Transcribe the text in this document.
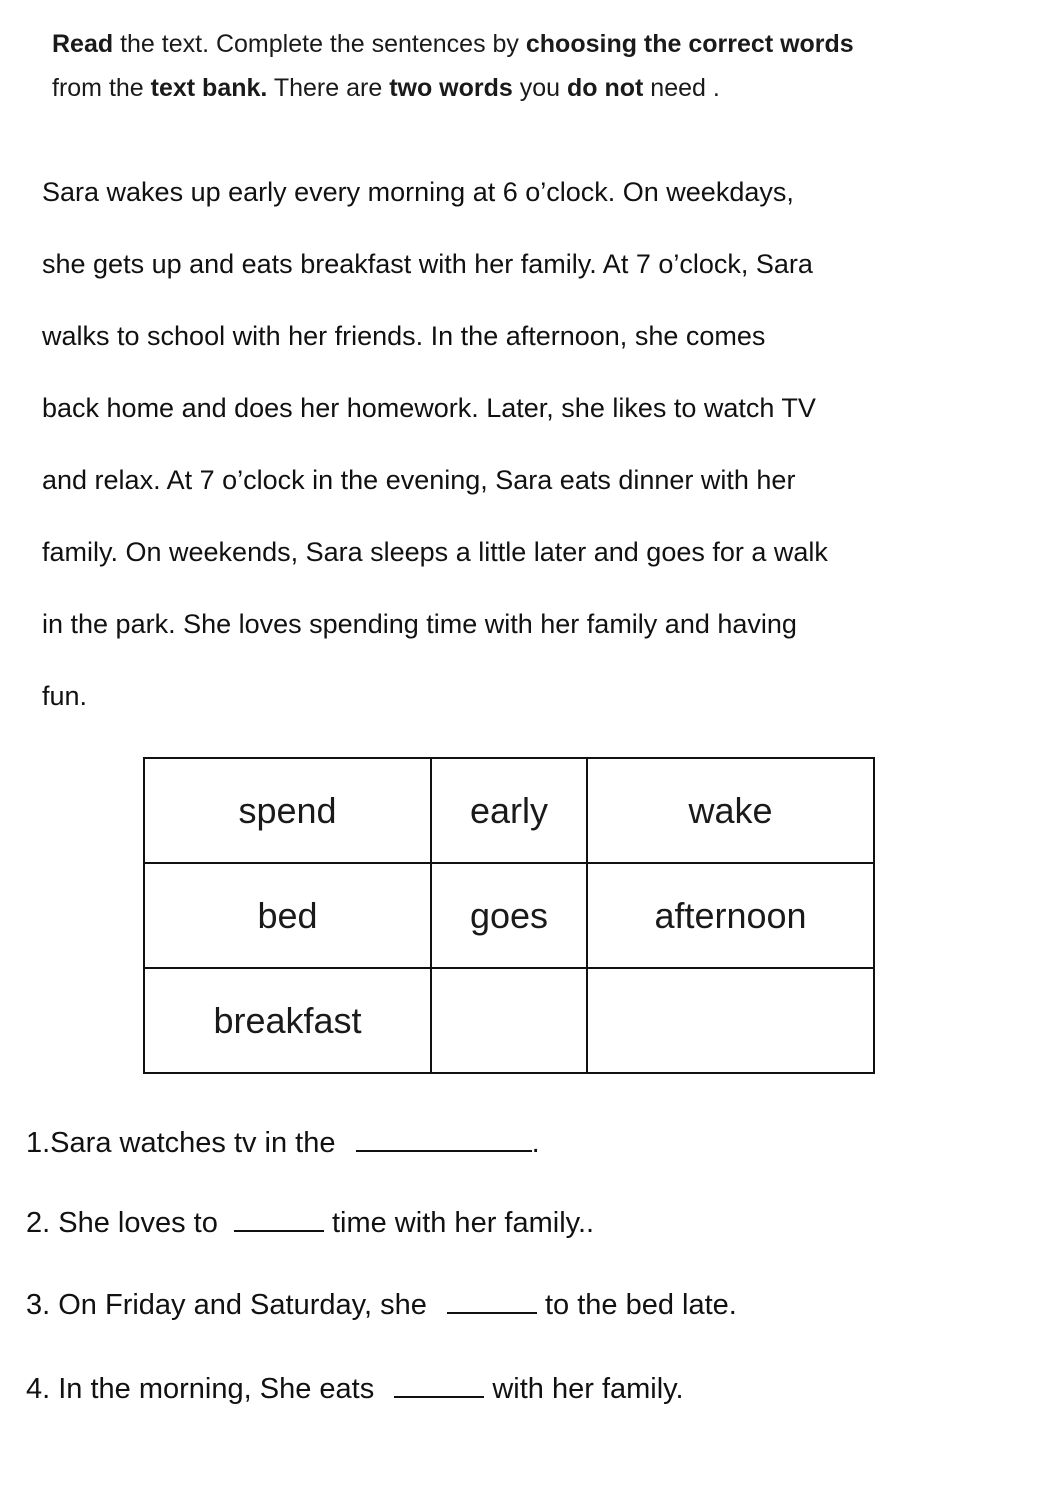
Read the text. Complete the sentences by choosing the correct words
from the text bank. There are two words you do not need .
Sara wakes up early every morning at 6 o’clock. On weekdays,
she gets up and eats breakfast with her family. At 7 o’clock, Sara
walks to school with her friends. In the afternoon, she comes
back home and does her homework. Later, she likes to watch TV
and relax. At 7 o’clock in the evening, Sara eats dinner with her
family. On weekends, Sara sleeps a little later and goes for a walk
in the park. She loves spending time with her family and having
fun.
spend	early	wake
bed	goes	afternoon
breakfast		
1.Sara watches tv in the	.
2. She loves to	time with her family..
3. On Friday and Saturday, she	to the bed late.
4. In the morning, She eats	with her family.
